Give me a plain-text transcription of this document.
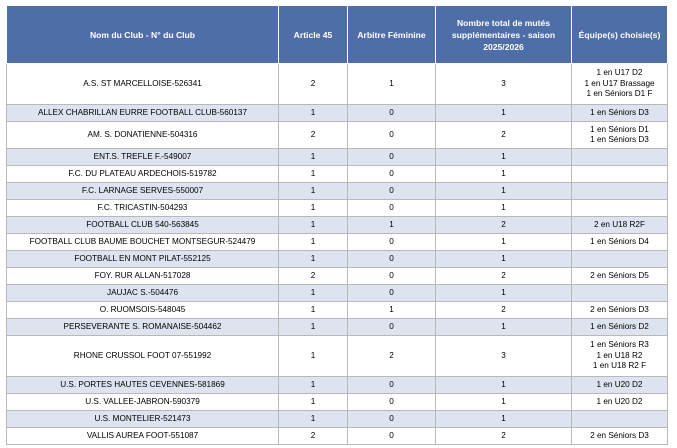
Nom du Club - N° du Club	Article 45	Arbitre Féminine	Nombre total de mutés supplémentaires - saison 2025/2026	Équipe(s) choisie(s)
A.S. ST MARCELLOISE-526341	2	1	3	1 en U17 D2
1 en U17 Brassage
1 en Séniors D1 F

ALLEX CHABRILLAN EURRE FOOTBALL CLUB-560137	1	0	1	1 en Séniors D3

AM. S. DONATIENNE-504316	2	0	2	1 en Séniors D1
1 en Séniors D3

ENT.S. TREFLE F.-549007	1	0	1	
F.C. DU PLATEAU ARDECHOIS-519782	1	0	1	
F.C. LARNAGE SERVES-550007	1	0	1	
F.C. TRICASTIN-504293	1	0	1	
FOOTBALL CLUB 540-563845	1	1	2	2 en U18 R2F

FOOTBALL CLUB BAUME BOUCHET MONTSEGUR-524479	1	0	1	1 en Séniors D4

FOOTBALL EN MONT PILAT-552125	1	0	1	
FOY. RUR ALLAN-517028	2	0	2	2 en Séniors D5

JAUJAC S.-504476	1	0	1	
O. RUOMSOIS-548045	1	1	2	2 en Séniors D3

PERSEVERANTE S. ROMANAISE-504462	1	0	1	1 en Séniors D2

RHONE CRUSSOL FOOT 07-551992	1	2	3	1 en Séniors R3
1 en U18 R2
1 en U18 R2 F

U.S. PORTES HAUTES CEVENNES-581869	1	0	1	1 en U20 D2

U.S. VALLEE-JABRON-590379	1	0	1	1 en U20 D2

U.S. MONTELIER-521473	1	0	1	
VALLIS AUREA FOOT-551087	2	0	2	2 en Séniors D3
